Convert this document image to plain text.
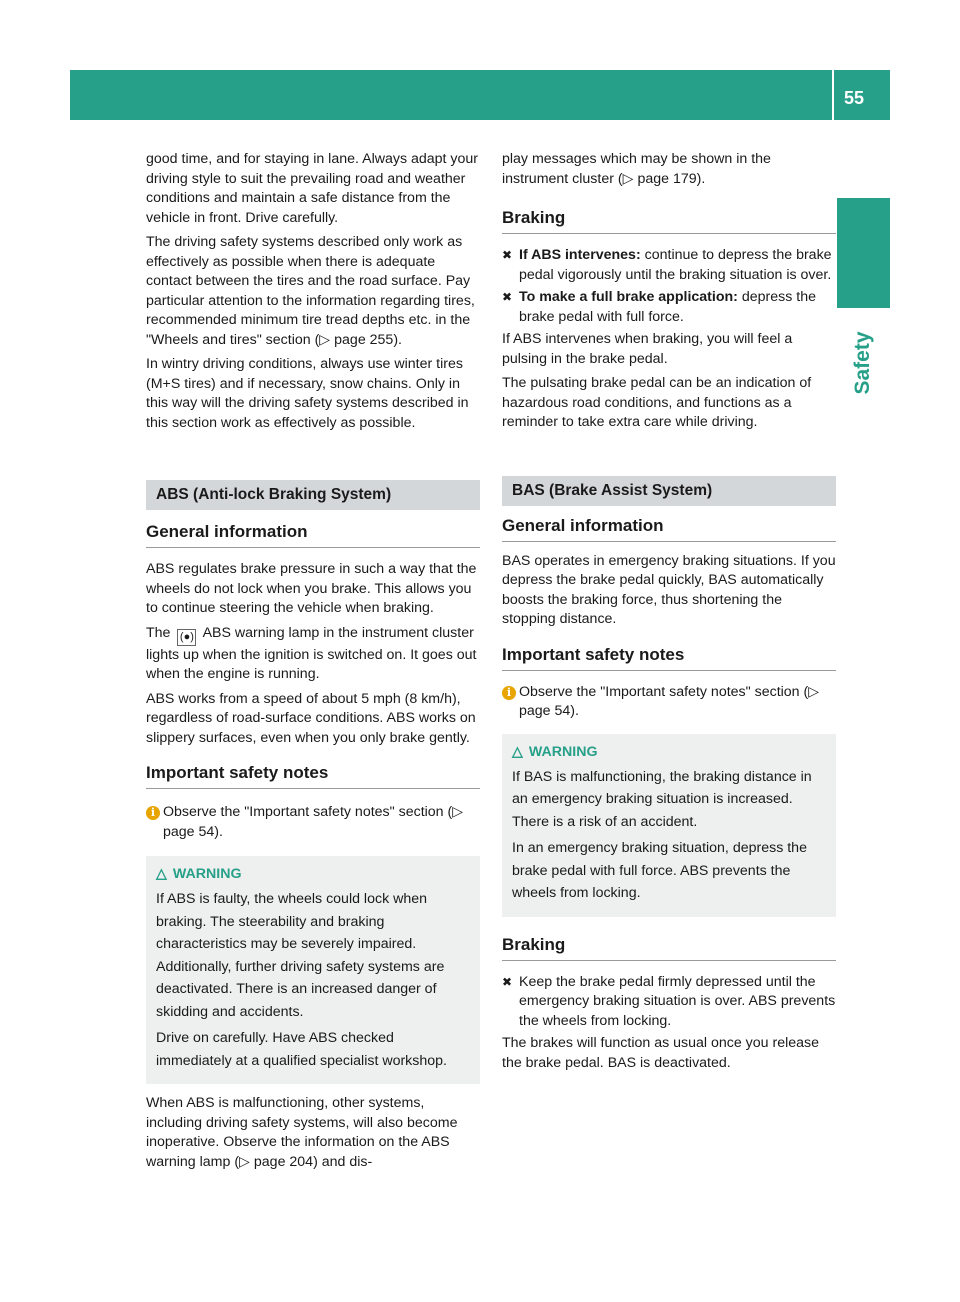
Driving safety systems
55
Safety

good time, and for staying in lane. Always adapt your driving style to suit the prevailing road and weather conditions and maintain a safe distance from the vehicle in front. Drive carefully.

The driving safety systems described only work as effectively as possible when there is adequate contact between the tires and the road surface. Pay particular attention to the information regarding tires, recommended minimum tire tread depths etc. in the "Wheels and tires" section (▷ page 255).

In wintry driving conditions, always use winter tires (M+S tires) and if necessary, snow chains. Only in this way will the driving safety systems described in this section work as effectively as possible.

ABS (Anti-lock Braking System)
General information

ABS regulates brake pressure in such a way that the wheels do not lock when you brake. This allows you to continue steering the vehicle when braking.

The (●) ABS warning lamp in the instrument cluster lights up when the ignition is switched on. It goes out when the engine is running.

ABS works from a speed of about 5 mph (8 km/h), regardless of road-surface conditions. ABS works on slippery surfaces, even when you only brake gently.

Important safety notes
i Observe the "Important safety notes" section (▷ page 54).
△ WARNING

If ABS is faulty, the wheels could lock when braking. The steerability and braking characteristics may be severely impaired. Additionally, further driving safety systems are deactivated. There is an increased danger of skidding and accidents.

Drive on carefully. Have ABS checked immediately at a qualified specialist workshop.

When ABS is malfunctioning, other systems, including driving safety systems, will also become inoperative. Observe the information on the ABS warning lamp (▷ page 204) and dis-

play messages which may be shown in the instrument cluster (▷ page 179).

Braking
✖ If ABS intervenes: continue to depress the brake pedal vigorously until the braking situation is over.
✖ To make a full brake application: depress the brake pedal with full force.

If ABS intervenes when braking, you will feel a pulsing in the brake pedal.

The pulsating brake pedal can be an indication of hazardous road conditions, and functions as a reminder to take extra care while driving.

BAS (Brake Assist System)
General information

BAS operates in emergency braking situations. If you depress the brake pedal quickly, BAS automatically boosts the braking force, thus shortening the stopping distance.

Important safety notes
i Observe the "Important safety notes" section (▷ page 54).
△ WARNING

If BAS is malfunctioning, the braking distance in an emergency braking situation is increased. There is a risk of an accident.

In an emergency braking situation, depress the brake pedal with full force. ABS prevents the wheels from locking.

Braking
✖ Keep the brake pedal firmly depressed until the emergency braking situation is over. ABS prevents the wheels from locking.

The brakes will function as usual once you release the brake pedal. BAS is deactivated.
